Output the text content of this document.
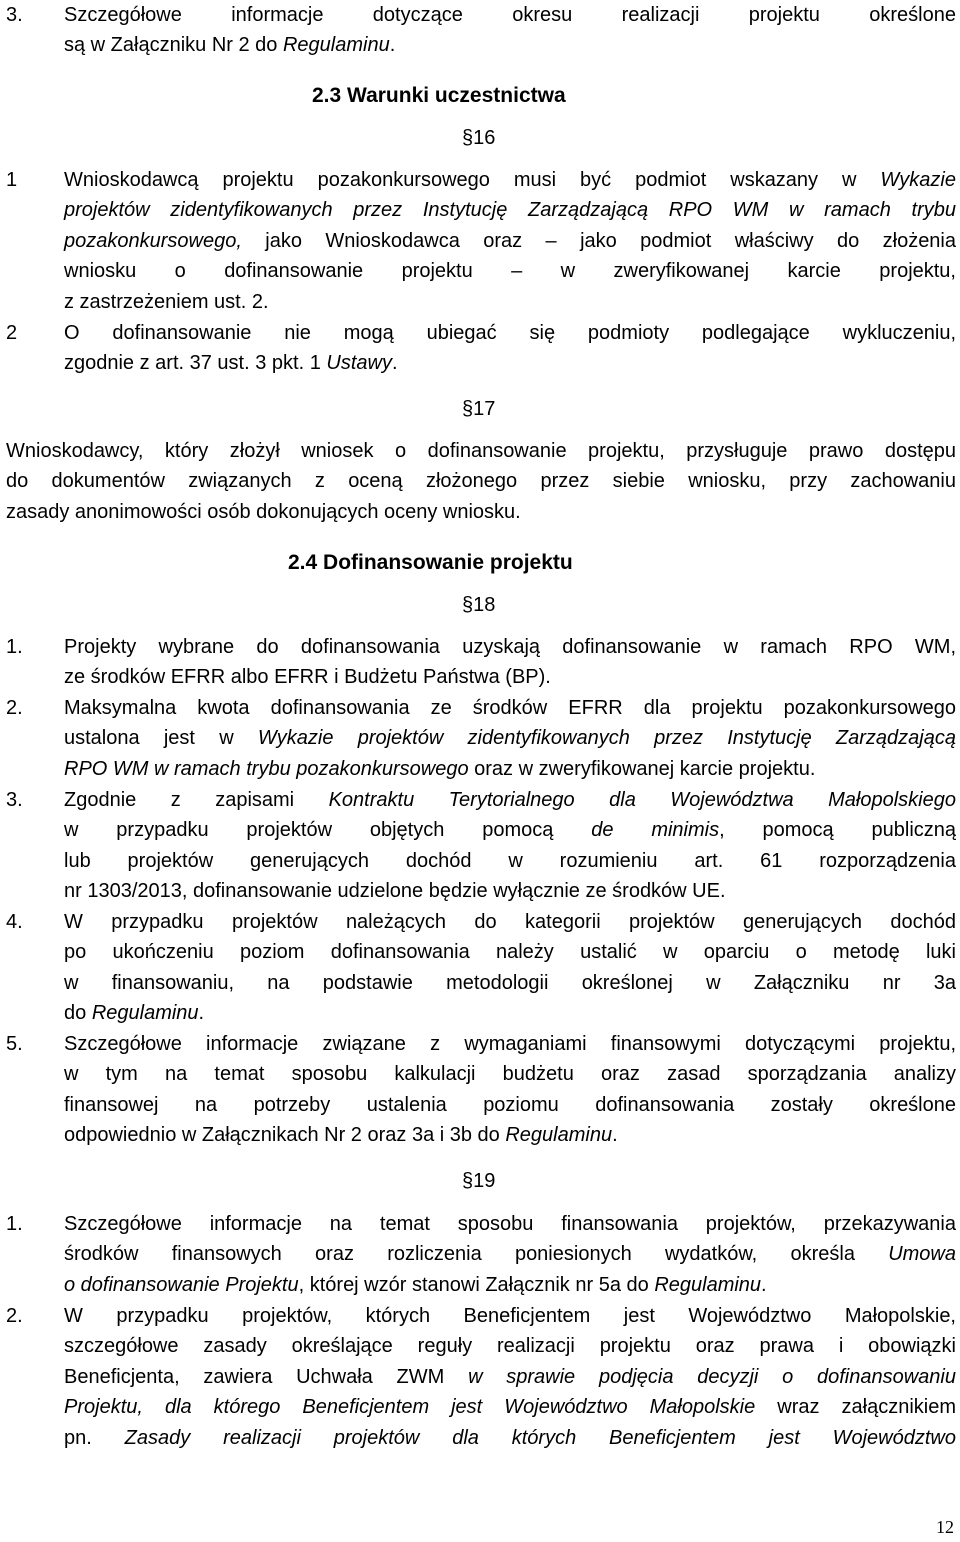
3. Szczegółowe informacje dotyczące okresu realizacji projektu określone
są w Załączniku Nr 2 do Regulaminu.
2.3 Warunki uczestnictwa
§16
1 Wnioskodawcą projektu pozakonkursowego musi być podmiot wskazany w Wykazie
projektów zidentyfikowanych przez Instytucję Zarządzającą RPO WM w ramach trybu
pozakonkursowego, jako Wnioskodawca oraz – jako podmiot właściwy do złożenia
wniosku o dofinansowanie projektu – w zweryfikowanej karcie projektu,
z zastrzeżeniem ust. 2.
2 O dofinansowanie nie mogą ubiegać się podmioty podlegające wykluczeniu,
zgodnie z art. 37 ust. 3 pkt. 1 Ustawy.
§17
Wnioskodawcy, który złożył wniosek o dofinansowanie projektu, przysługuje prawo dostępu
do dokumentów związanych z oceną złożonego przez siebie wniosku, przy zachowaniu
zasady anonimowości osób dokonujących oceny wniosku.
2.4 Dofinansowanie projektu
§18
1. Projekty wybrane do dofinansowania uzyskają dofinansowanie w ramach RPO WM,
ze środków EFRR albo EFRR i Budżetu Państwa (BP).
2. Maksymalna kwota dofinansowania ze środków EFRR dla projektu pozakonkursowego
ustalona jest w Wykazie projektów zidentyfikowanych przez Instytucję Zarządzającą
RPO WM w ramach trybu pozakonkursowego oraz w zweryfikowanej karcie projektu.
3. Zgodnie z zapisami Kontraktu Terytorialnego dla Województwa Małopolskiego
w przypadku projektów objętych pomocą de minimis, pomocą publiczną
lub projektów generujących dochód w rozumieniu art. 61 rozporządzenia
nr 1303/2013, dofinansowanie udzielone będzie wyłącznie ze środków UE.
4. W przypadku projektów należących do kategorii projektów generujących dochód
po ukończeniu poziom dofinansowania należy ustalić w oparciu o metodę luki
w finansowaniu, na podstawie metodologii określonej w Załączniku nr 3a
do Regulaminu.
5. Szczegółowe informacje związane z wymaganiami finansowymi dotyczącymi projektu,
w tym na temat sposobu kalkulacji budżetu oraz zasad sporządzania analizy
finansowej na potrzeby ustalenia poziomu dofinansowania zostały określone
odpowiednio w Załącznikach Nr 2 oraz 3a i 3b do Regulaminu.
§19
1. Szczegółowe informacje na temat sposobu finansowania projektów, przekazywania
środków finansowych oraz rozliczenia poniesionych wydatków, określa Umowa
o dofinansowanie Projektu, której wzór stanowi Załącznik nr 5a do Regulaminu.
2. W przypadku projektów, których Beneficjentem jest Województwo Małopolskie,
szczegółowe zasady określające reguły realizacji projektu oraz prawa i obowiązki
Beneficjenta, zawiera Uchwała ZWM w sprawie podjęcia decyzji o dofinansowaniu
Projektu, dla którego Beneficjentem jest Województwo Małopolskie wraz załącznikiem
pn. Zasady realizacji projektów dla których Beneficjentem jest Województwo
12
